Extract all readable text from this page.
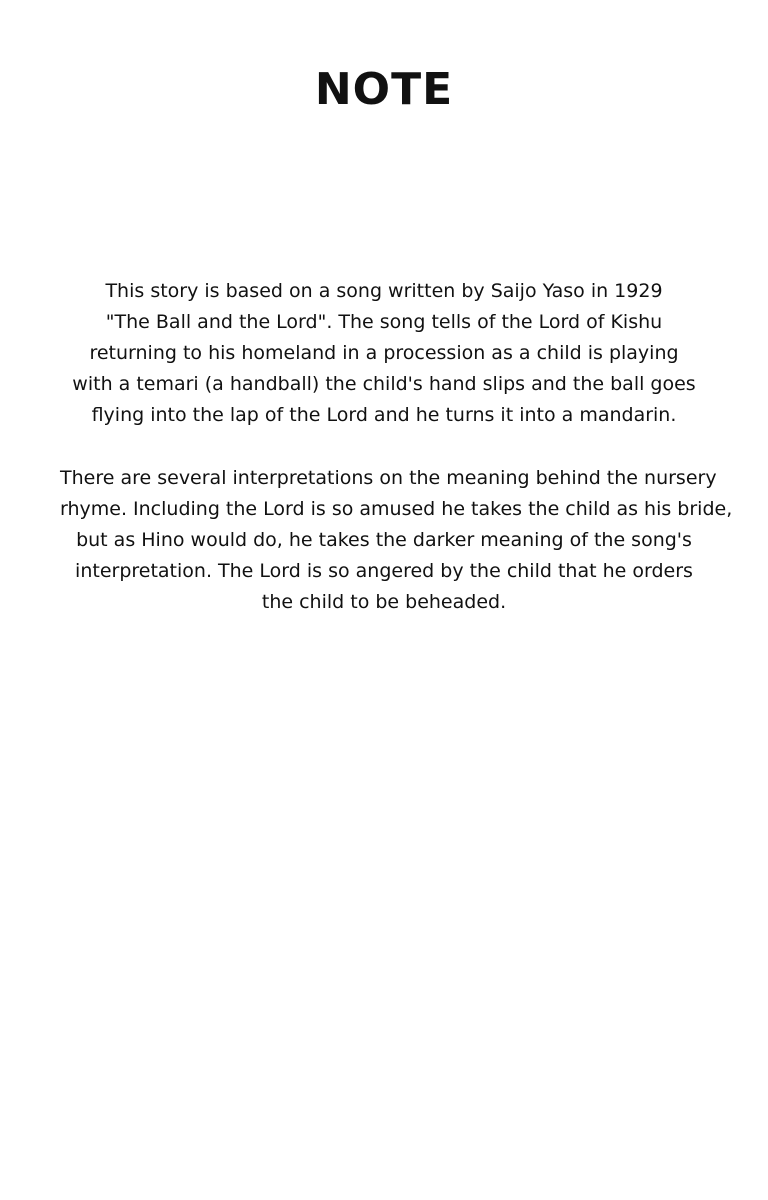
NOTE
This story is based on a song written by Saijo Yaso in 1929
"The Ball and the Lord". The song tells of the Lord of Kishu
returning to his homeland in a procession as a child is playing
with a temari (a handball) the child's hand slips and the ball goes
flying into the lap of the Lord and he turns it into a mandarin.
There are several interpretations on the meaning behind the nursery
rhyme. Including the Lord is so amused he takes the child as his bride,
but as Hino would do, he takes the darker meaning of the song's
interpretation. The Lord is so angered by the child that he orders
the child to be beheaded.
